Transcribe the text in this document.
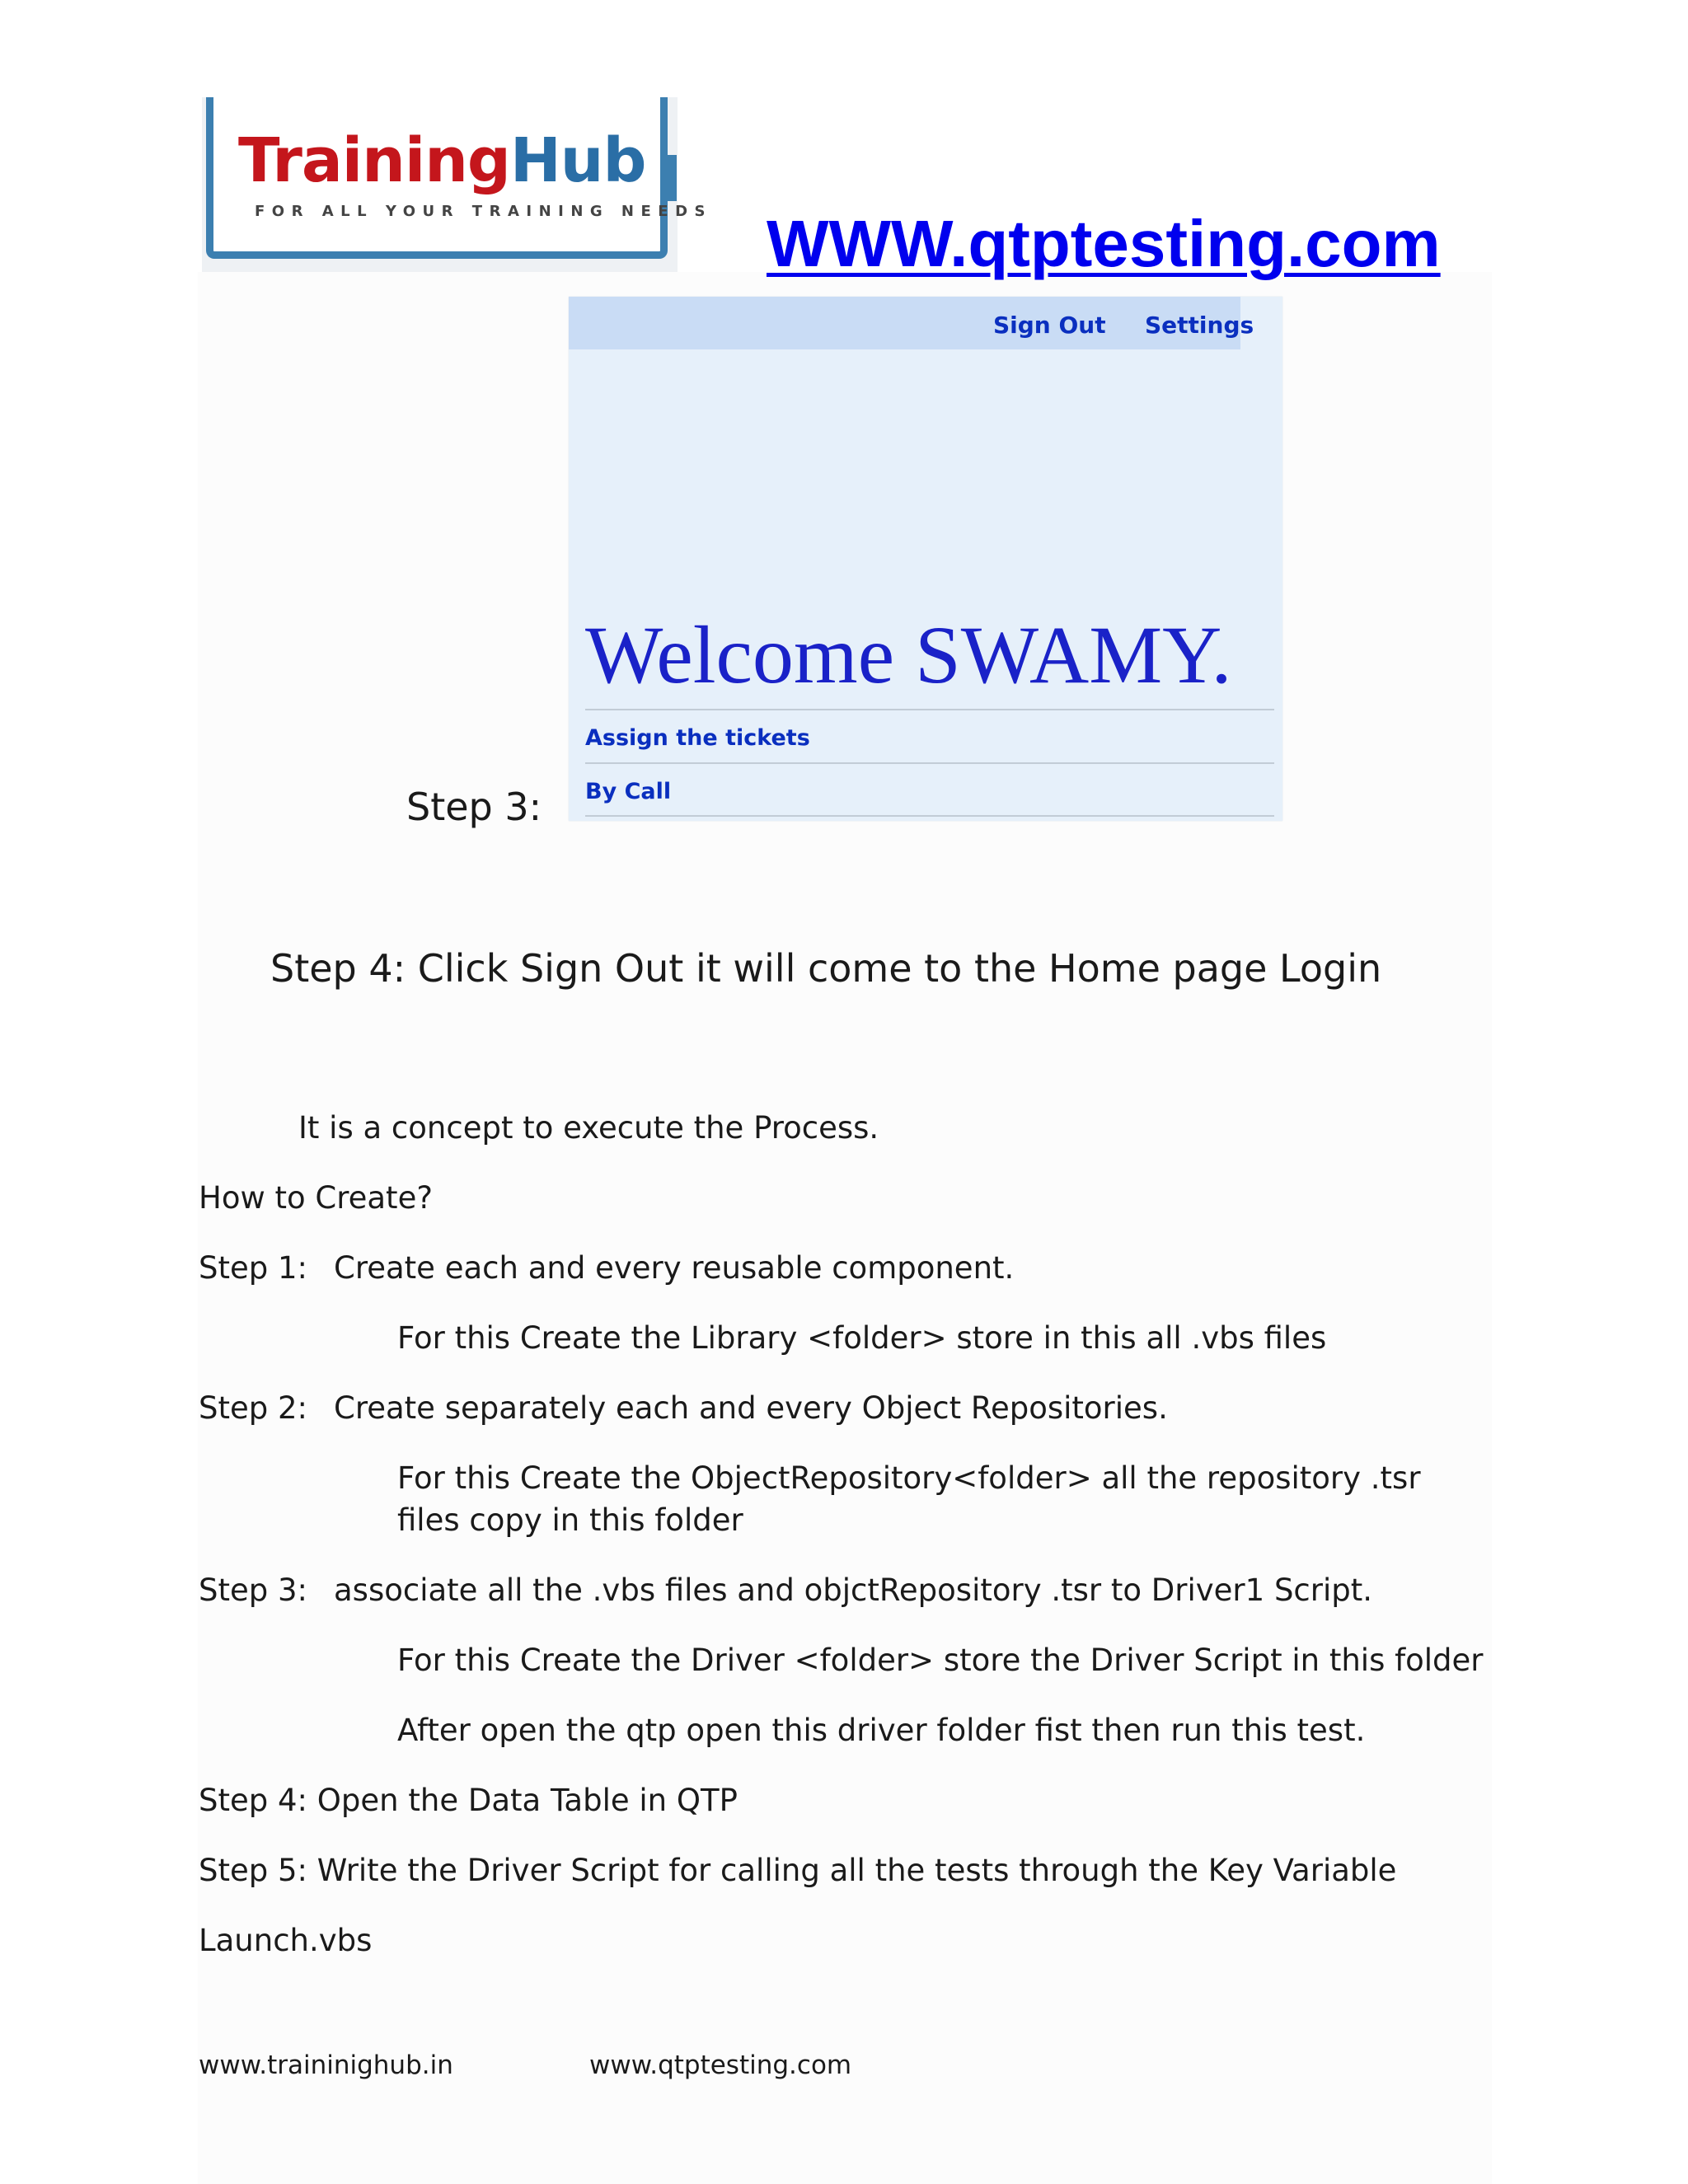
TrainingHub
FOR ALL YOUR TRAINING NEEDS WWW.qtptesting.com
Sign Out Settings
Welcome SWAMY.
Assign the tickets
By Call
Step 3:
Step 4: Click Sign Out it will come to the Home page Login
It is a concept to execute the Process.
How to Create?
Step 1: Create each and every reusable component.
For this Create the Library <folder> store in this all .vbs files
Step 2: Create separately each and every Object Repositories.
For this Create the ObjectRepository<folder> all the repository .tsr
files copy in this folder
Step 3: associate all the .vbs files and objctRepository .tsr to Driver1 Script.
For this Create the Driver <folder> store the Driver Script in this folder
After open the qtp open this driver folder fist then run this test.
Step 4: Open the Data Table in QTP
Step 5: Write the Driver Script for calling all the tests through the Key Variable
Launch.vbs
www.traininighub.in	www.qtptesting.com
